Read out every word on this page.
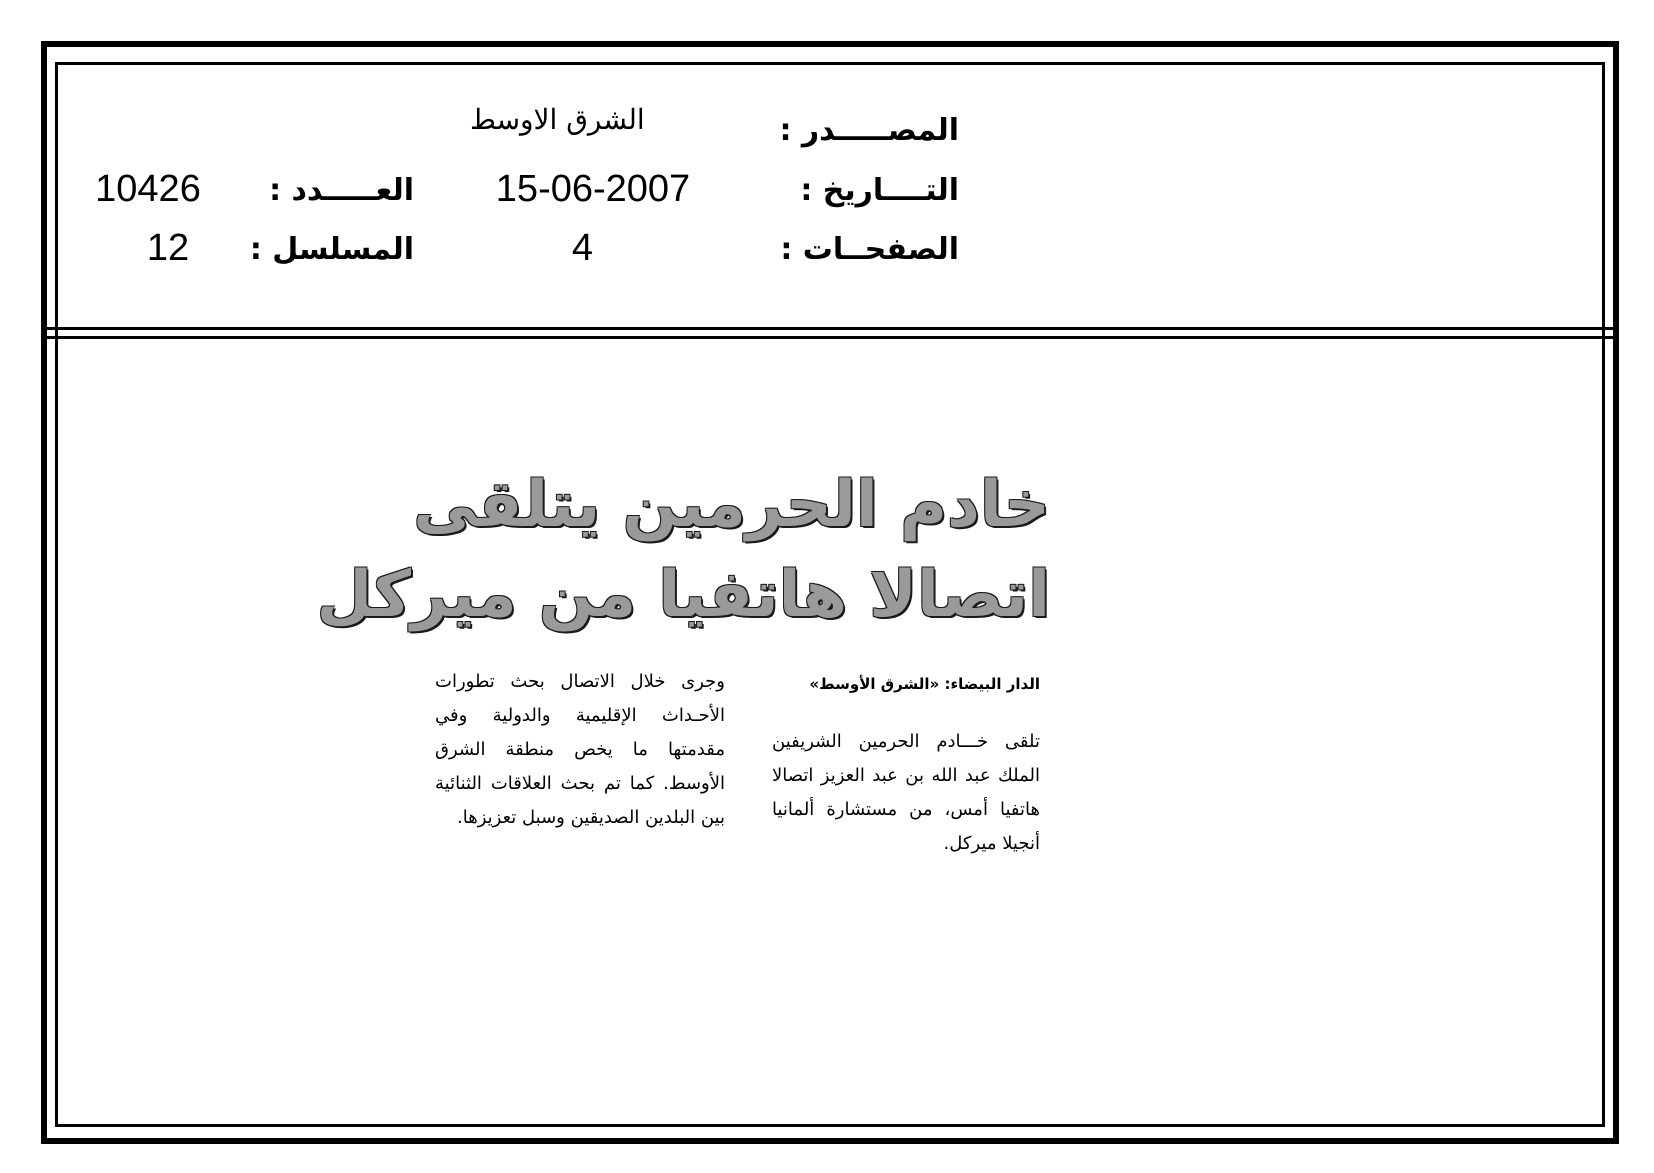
المصـــــدر :
الشرق الاوسط
التــــاريخ :
15-06-2007
العـــــدد :
10426
الصفحــات :
4
المسلسل :
12
خادم الحرمين يتلقى
اتصالا هاتفيا من ميركل
الدار البيضاء: «الشرق الأوسط»
تلقى خـــادم الحرمين الشريفين الملك عبد الله بن عبد العزيز اتصالا هاتفيا أمس، من مستشارة ألمانيا أنجيلا ميركل.
وجرى خلال الاتصال بحث تطورات الأحـداث الإقليمية والدولية وفي مقدمتها ما يخص منطقة الشرق الأوسط. كما تم بحث العلاقات الثنائية بين البلدين الصديقين وسبل تعزيزها.
